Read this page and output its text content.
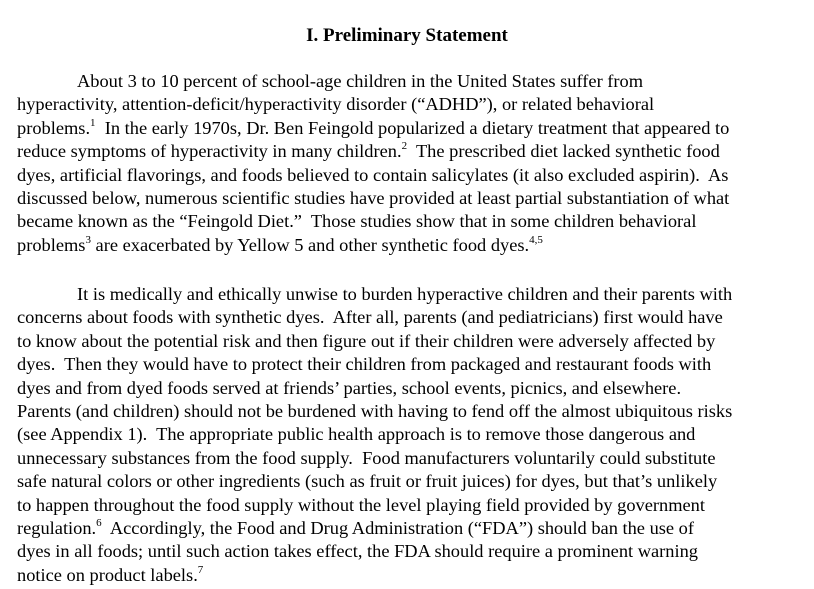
I. Preliminary Statement
About 3 to 10 percent of school-age children in the United States suffer from
hyperactivity, attention-deficit/hyperactivity disorder (“ADHD”), or related behavioral
problems.$^1$  In the early 1970s, Dr. Ben Feingold popularized a dietary treatment that appeared to
reduce symptoms of hyperactivity in many children.$^2$  The prescribed diet lacked synthetic food
dyes, artificial flavorings, and foods believed to contain salicylates (it also excluded aspirin).  As
discussed below, numerous scientific studies have provided at least partial substantiation of what
became known as the “Feingold Diet.”  Those studies show that in some children behavioral
problems$^3$ are exacerbated by Yellow 5 and other synthetic food dyes.$^{4,5}$
It is medically and ethically unwise to burden hyperactive children and their parents with
concerns about foods with synthetic dyes.  After all, parents (and pediatricians) first would have
to know about the potential risk and then figure out if their children were adversely affected by
dyes.  Then they would have to protect their children from packaged and restaurant foods with
dyes and from dyed foods served at friends’ parties, school events, picnics, and elsewhere.
Parents (and children) should not be burdened with having to fend off the almost ubiquitous risks
(see Appendix 1).  The appropriate public health approach is to remove those dangerous and
unnecessary substances from the food supply.  Food manufacturers voluntarily could substitute
safe natural colors or other ingredients (such as fruit or fruit juices) for dyes, but that’s unlikely
to happen throughout the food supply without the level playing field provided by government
regulation.$^6$  Accordingly, the Food and Drug Administration (“FDA”) should ban the use of
dyes in all foods; until such action takes effect, the FDA should require a prominent warning
notice on product labels.$^7$
